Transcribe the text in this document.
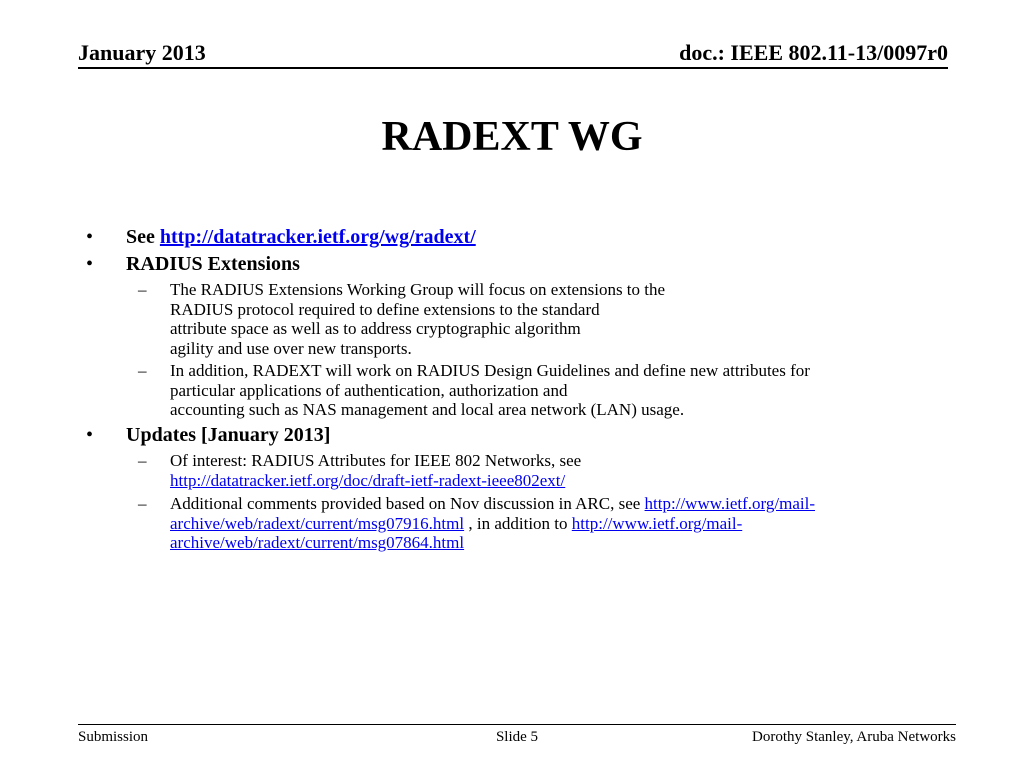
January 2013	doc.: IEEE 802.11-13/0097r0
RADEXT WG
• See http://datatracker.ietf.org/wg/radext/
• RADIUS Extensions
– The RADIUS Extensions Working Group will focus on extensions to the
RADIUS protocol required to define extensions to the standard
attribute space as well as to address cryptographic algorithm
agility and use over new transports.
– In addition, RADEXT will work on RADIUS Design Guidelines and define new attributes for
particular applications of authentication, authorization and
accounting such as NAS management and local area network (LAN) usage.
• Updates [January 2013]
– Of interest: RADIUS Attributes for IEEE 802 Networks, see
http://datatracker.ietf.org/doc/draft-ietf-radext-ieee802ext/
– Additional comments provided based on Nov discussion in ARC, see http://www.ietf.org/mail-
archive/web/radext/current/msg07916.html , in addition to http://www.ietf.org/mail-
archive/web/radext/current/msg07864.html
Submission	Slide 5	Dorothy Stanley, Aruba Networks
